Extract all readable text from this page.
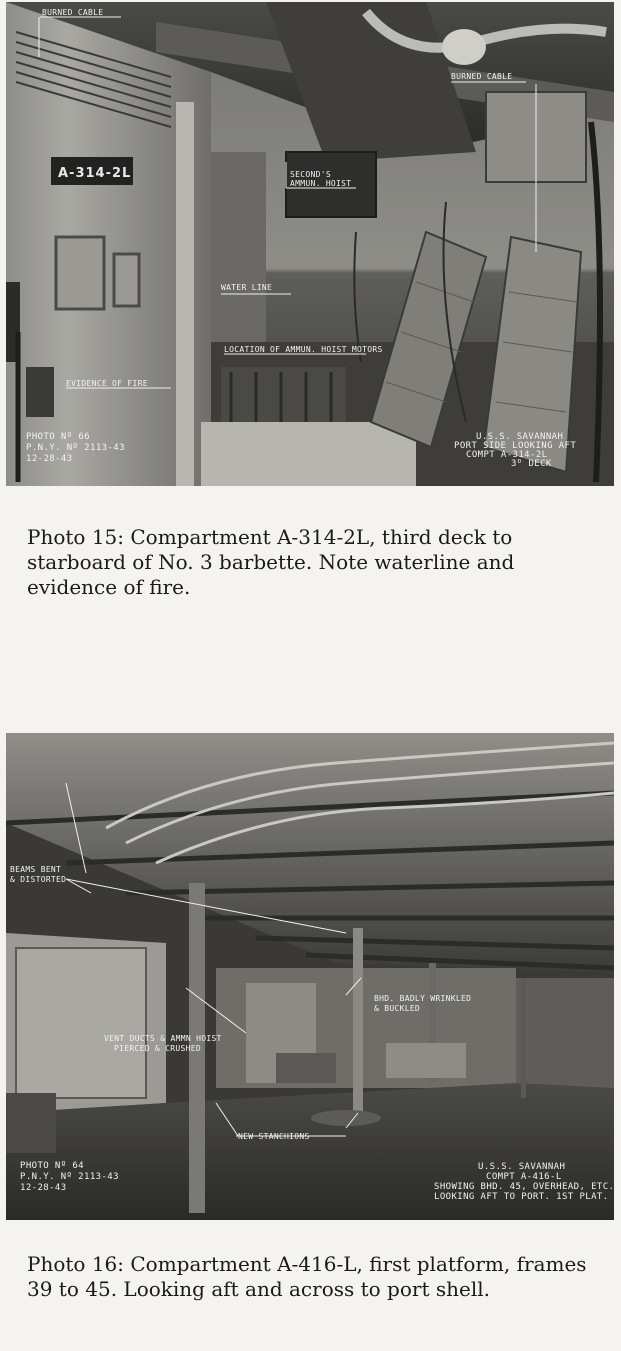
A-314-2L
BURNED CABLE
BURNED CABLE
SECOND'S
AMMUN. HOIST
WATER LINE
LOCATION OF AMMUN. HOIST MOTORS
EVIDENCE OF FIRE
PHOTO Nº 66
P.N.Y. Nº 2113-43
12-28-43
U.S.S. SAVANNAH
PORT SIDE LOOKING AFT
COMPT A-314-2L
3ᴰ DECK

Photo 15: Compartment A-314-2L, third deck to starboard of No. 3 barbette. Note waterline and evidence of fire.

BEAMS BENT
& DISTORTED
BHD. BADLY WRINKLED
& BUCKLED
VENT DUCTS & AMMN HOIST
PIERCED & CRUSHED
NEW STANCHIONS
PHOTO Nº 64
P.N.Y. Nº 2113-43
12-28-43
U.S.S. SAVANNAH
COMPT A-416-L
SHOWING BHD. 45, OVERHEAD, ETC.
LOOKING AFT TO PORT. 1ST PLAT.

Photo 16: Compartment A-416-L, first platform, frames 39 to 45. Looking aft and across to port shell.
